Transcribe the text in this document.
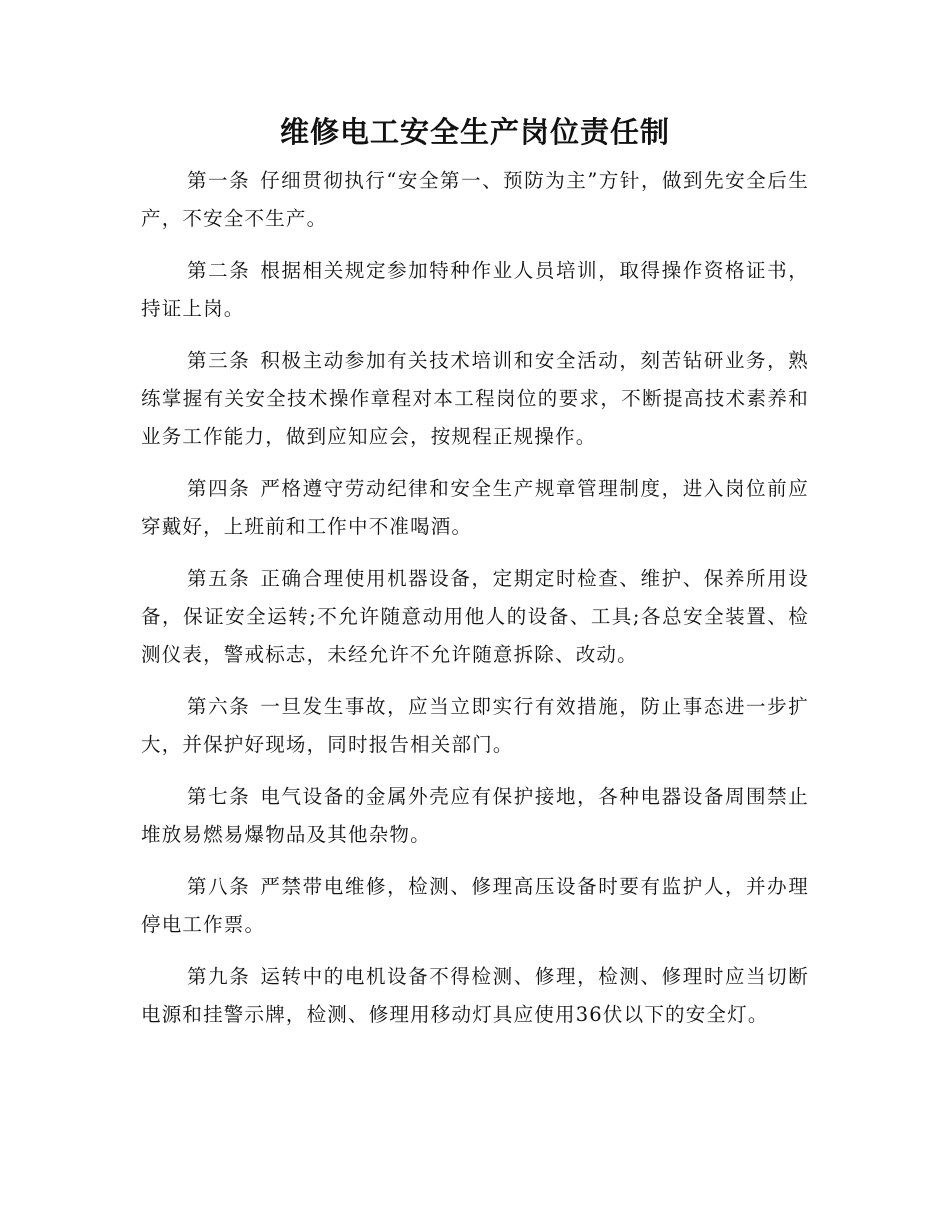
维修电工安全生产岗位责任制

第一条 仔细贯彻执行“安全第一、预防为主”方针，做到先安全后生产，不安全不生产。

第二条 根据相关规定参加特种作业人员培训，取得操作资格证书，持证上岗。

第三条 积极主动参加有关技术培训和安全活动，刻苦钻研业务，熟练掌握有关安全技术操作章程对本工程岗位的要求，不断提高技术素养和业务工作能力，做到应知应会，按规程正规操作。

第四条 严格遵守劳动纪律和安全生产规章管理制度，进入岗位前应穿戴好，上班前和工作中不准喝酒。

第五条 正确合理使用机器设备，定期定时检查、维护、保养所用设备，保证安全运转;不允许随意动用他人的设备、工具;各总安全装置、检测仪表，警戒标志，未经允许不允许随意拆除、改动。

第六条 一旦发生事故，应当立即实行有效措施，防止事态进一步扩大，并保护好现场，同时报告相关部门。

第七条 电气设备的金属外壳应有保护接地，各种电器设备周围禁止堆放易燃易爆物品及其他杂物。

第八条 严禁带电维修，检测、修理高压设备时要有监护人，并办理停电工作票。

第九条 运转中的电机设备不得检测、修理，检测、修理时应当切断电源和挂警示牌，检测、修理用移动灯具应使用36伏以下的安全灯。
